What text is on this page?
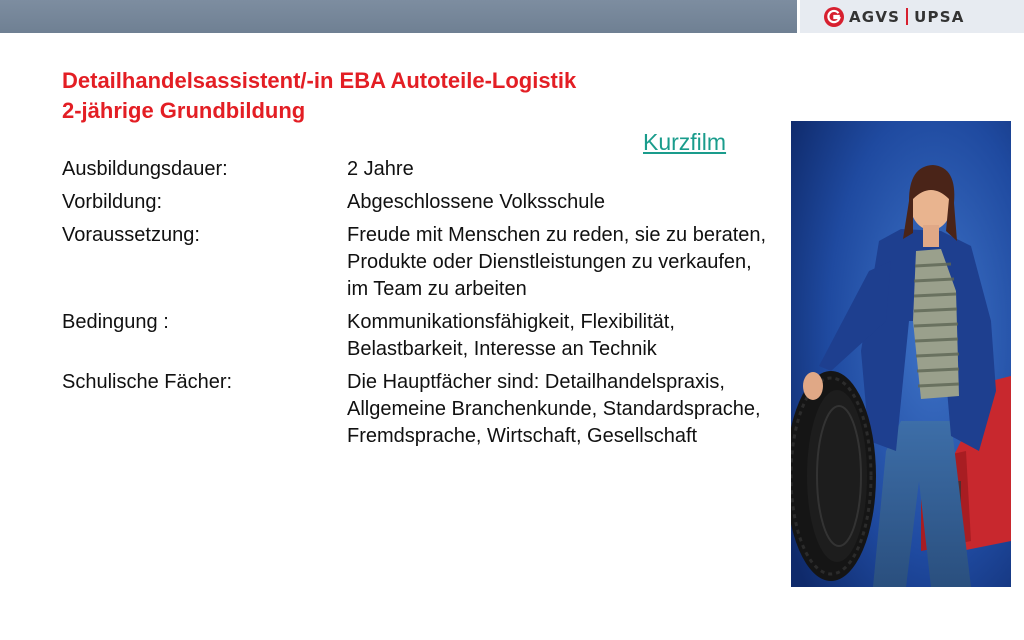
AGVS UPSA
Detailhandelsassistent/-in EBA Autoteile-Logistik
2-jährige Grundbildung
Kurzfilm
Ausbildungsdauer:	2 Jahre
Vorbildung:	Abgeschlossene Volksschule
Voraussetzung:	Freude mit Menschen zu reden, sie zu beraten, Produkte oder Dienstleistungen zu verkaufen, im Team zu arbeiten
Bedingung :	Kommunikationsfähigkeit, Flexibilität, Belastbarkeit, Interesse an Technik
Schulische Fächer:	Die Hauptfächer sind: Detailhandelspraxis, Allgemeine Branchenkunde, Standardsprache, Fremdsprache, Wirtschaft, Gesellschaft
